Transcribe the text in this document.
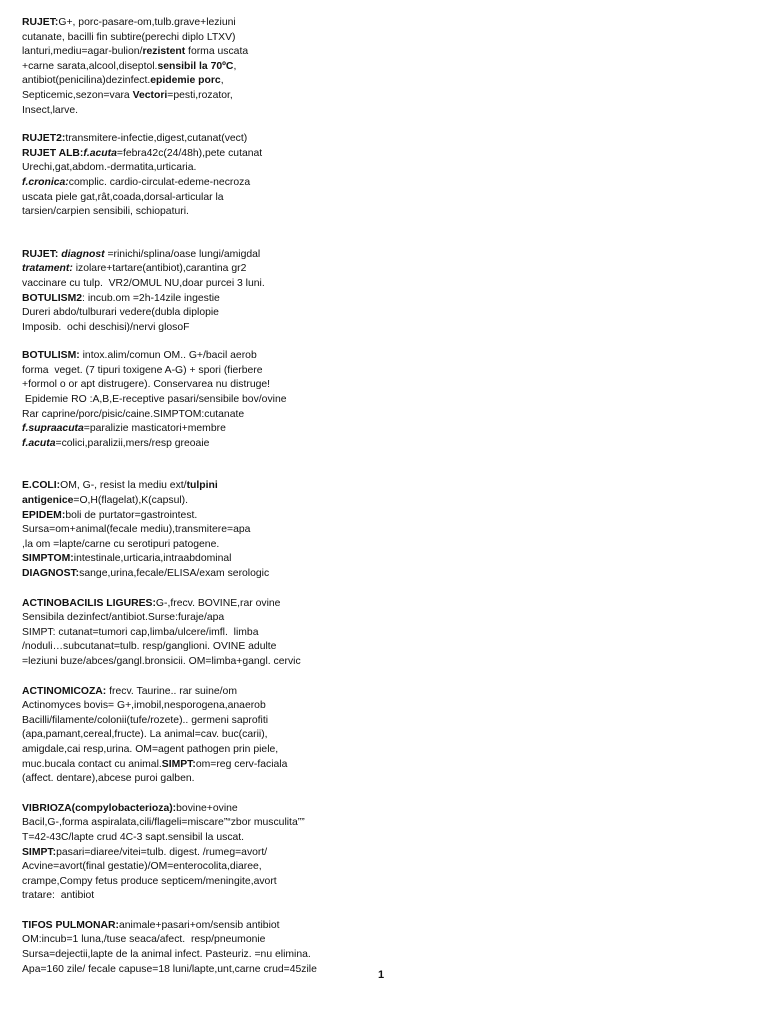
RUJET:G+, porc-pasare-om,tulb.grave+leziuni
cutanate, bacilli fin subtire(perechi diplo LTXV)
lanturi,mediu=agar-bulion/rezistent forma uscata
+carne sarata,alcool,diseptol.sensibil la 70ºC,
antibiot(penicilina)dezinfect.epidemie porc,
Septicemic,sezon=vara Vectori=pesti,rozator,
Insect,larve.
RUJET2:transmitere-infectie,digest,cutanat(vect)
RUJET ALB:f.acuta=febra42c(24/48h),pete cutanat
Urechi,gat,abdom.-dermatita,urticaria.
f.cronica:complic. cardio-circulat-edeme-necroza
uscata piele gat,rât,coada,dorsal-articular la
tarsien/carpien sensibili, schiopaturi.
RUJET: diagnost =rinichi/splina/oase lungi/amigdal
tratament: izolare+tartare(antibiot),carantina gr2
vaccinare cu tulp.  VR2/OMUL NU,doar purcei 3 luni.
BOTULISM2: incub.om =2h-14zile ingestie
Dureri abdo/tulburari vedere(dubla diplopie
Imposib.  ochi deschisi)/nervi glosoF
BOTULISM: intox.alim/comun OM.. G+/bacil aerob
forma  veget. (7 tipuri toxigene A-G) + spori (fierbere
+formol o or apt distrugere). Conservarea nu distruge!
Epidemie RO :A,B,E-receptive pasari/sensibile bov/ovine
Rar caprine/porc/pisic/caine.SIMPTOM:cutanate
f.supraacuta=paralizie masticatori+membre
f.acuta=colici,paralizii,mers/resp greoaie
E.COLI:OM, G-, resist la mediu ext/tulpini
antigenice=O,H(flagelat),K(capsul).
EPIDEM:boli de purtator=gastrointest.
Sursa=om+animal(fecale mediu),transmitere=apa
,la om =lapte/carne cu serotipuri patogene.
SIMPTOM:intestinale,urticaria,intraabdominal
DIAGNOST:sange,urina,fecale/ELISA/exam serologic
ACTINOBACILIS LIGURES:G-,frecv. BOVINE,rar ovine
Sensibila dezinfect/antibiot.Surse:furaje/apa
SIMPT: cutanat=tumori cap,limba/ulcere/imfl.  limba
/noduli…subcutanat=tulb. resp/ganglioni. OVINE adulte
=leziuni buze/abces/gangl.bronsicii. OM=limba+gangl. cervic
ACTINOMICOZA: frecv. Taurine.. rar suine/om
Actinomyces bovis= G+,imobil,nesporogena,anaerob
Bacilli/filamente/colonii(tufe/rozete).. germeni saprofiti
(apa,pamant,cereal,fructe). La animal=cav. buc(carii),
amigdale,cai resp,urina. OM=agent pathogen prin piele,
muc.bucala contact cu animal.SIMPT:om=reg cerv-faciala
(affect. dentare),abcese puroi galben.
VIBRIOZA(compylobacterioza):bovine+ovine
Bacil,G-,forma aspiralata,cili/flageli=miscare”“zbor musculita””
T=42-43C/lapte crud 4C-3 sapt.sensibil la uscat.
SIMPT:pasari=diaree/vitei=tulb. digest. /rumeg=avort/
Acvine=avort(final gestatie)/OM=enterocolita,diaree,
crampe,Compy fetus produce septicem/meningite,avort
tratare:  antibiot
TIFOS PULMONAR:animale+pasari+om/sensib antibiot
OM:incub=1 luna,/tuse seaca/afect.  resp/pneumonie
Sursa=dejectii,lapte de la animal infect. Pasteuriz. =nu elimina.
Apa=160 zile/ fecale capuse=18 luni/lapte,unt,carne crud=45zile	1
